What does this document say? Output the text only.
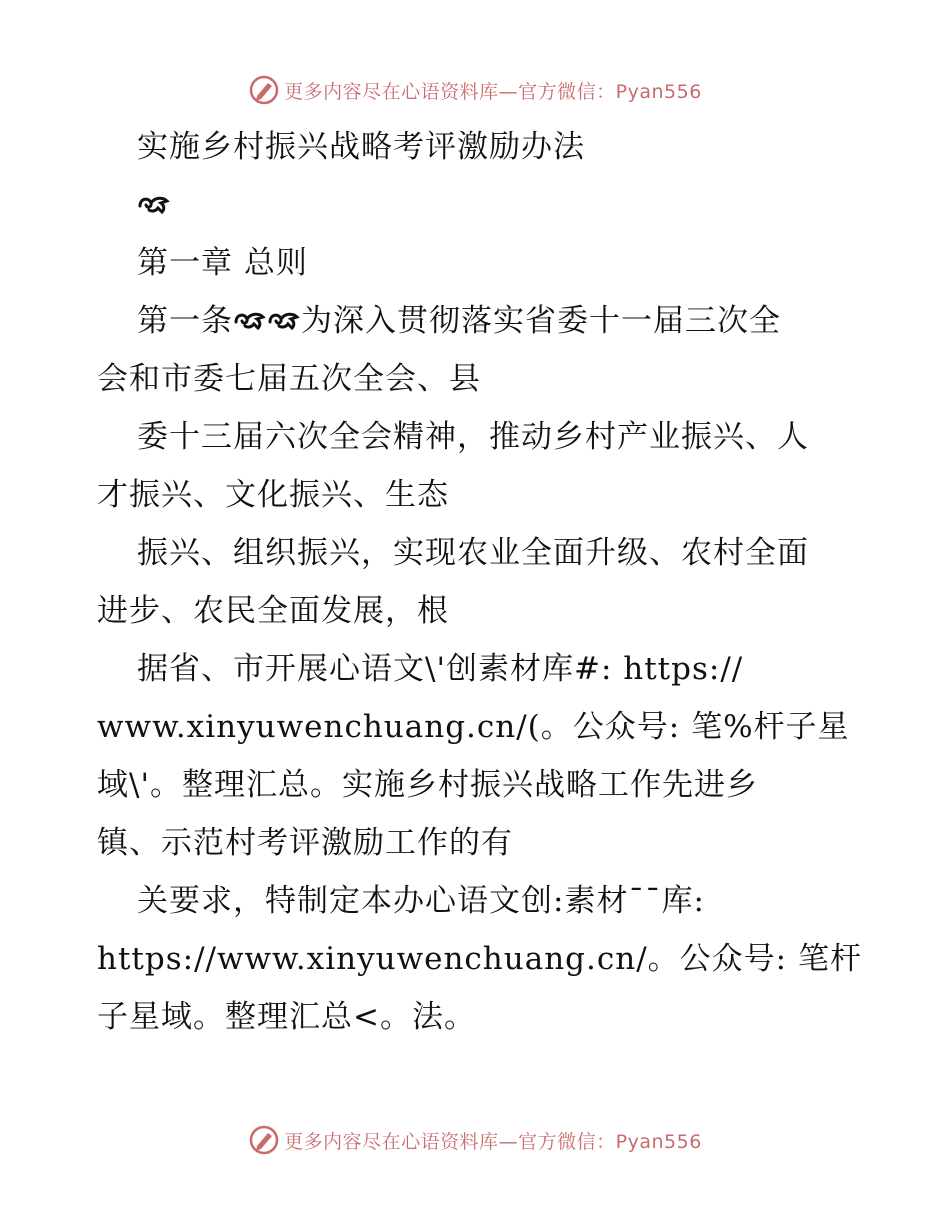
更多内容尽在心语资料库—官方微信：Pyan556
实施乡村振兴战略考评激励办法
第一章 总则
第一条 为深入贯彻落实省委十一届三次全
会和市委七届五次全会、县
委十三届六次全会精神，推动乡村产业振兴、人
才振兴、文化振兴、生态
振兴、组织振兴，实现农业全面升级、农村全面
进步、农民全面发展，根
据省、市开展心语文\'创素材库#: https://
www.xinyuwenchuang.cn/(。公众号: 笔%杆子星
域\'。整理汇总。实施乡村振兴战略工作先进乡
镇、示范村考评激励工作的有
关要求，特制定本办心语文创:素材¯¯库:
https://www.xinyuwenchuang.cn/。公众号: 笔杆
子星域。整理汇总<。法。
更多内容尽在心语资料库—官方微信：Pyan556
